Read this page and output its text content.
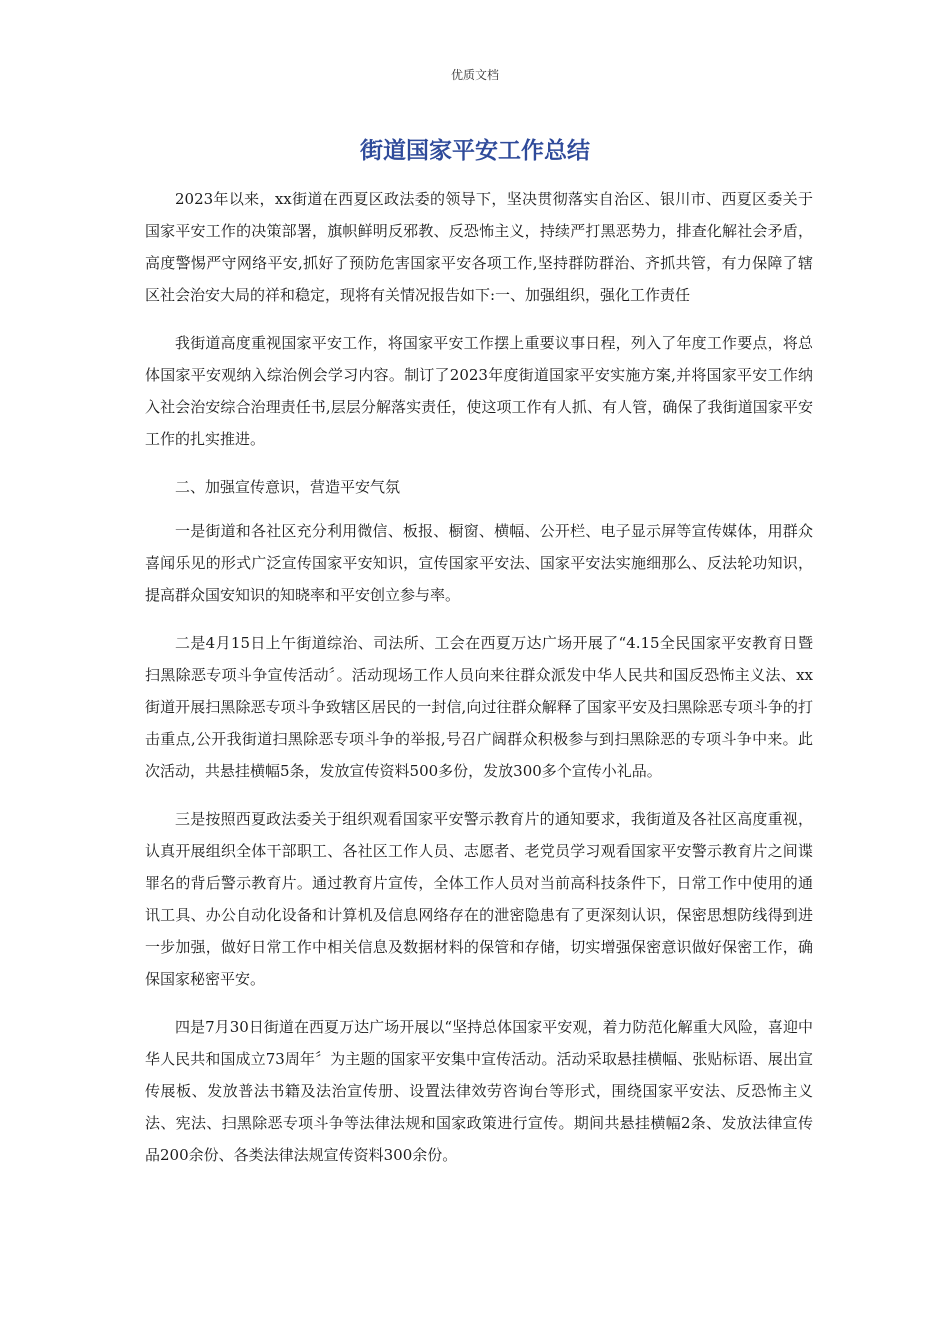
优质文档
街道国家平安工作总结

2023年以来，xx街道在西夏区政法委的领导下，坚决贯彻落实自治区、银川市、西夏区委关于国家平安工作的决策部署，旗帜鲜明反邪教、反恐怖主义，持续严打黑恶势力，排查化解社会矛盾，高度警惕严守网络平安,抓好了预防危害国家平安各项工作,坚持群防群治、齐抓共管，有力保障了辖区社会治安大局的祥和稳定，现将有关情况报告如下:一、加强组织，强化工作责任

我街道高度重视国家平安工作，将国家平安工作摆上重要议事日程，列入了年度工作要点，将总体国家平安观纳入综治例会学习内容。制订了2023年度街道国家平安实施方案,并将国家平安工作纳入社会治安综合治理责任书,层层分解落实责任，使这项工作有人抓、有人管，确保了我街道国家平安工作的扎实推进。

二、加强宣传意识，营造平安气氛

一是街道和各社区充分利用微信、板报、橱窗、横幅、公开栏、电子显示屏等宣传媒体，用群众喜闻乐见的形式广泛宣传国家平安知识，宣传国家平安法、国家平安法实施细那么、反法轮功知识，提高群众国安知识的知晓率和平安创立参与率。

二是4月15日上午街道综治、司法所、工会在西夏万达广场开展了“4.15全民国家平安教育日暨扫黑除恶专项斗争宣传活动〞。活动现场工作人员向来往群众派发中华人民共和国反恐怖主义法、xx街道开展扫黑除恶专项斗争致辖区居民的一封信,向过往群众解释了国家平安及扫黑除恶专项斗争的打击重点,公开我街道扫黑除恶专项斗争的举报,号召广阔群众积极参与到扫黑除恶的专项斗争中来。此次活动，共悬挂横幅5条，发放宣传资料500多份，发放300多个宣传小礼品。

三是按照西夏政法委关于组织观看国家平安警示教育片的通知要求，我街道及各社区高度重视，认真开展组织全体干部职工、各社区工作人员、志愿者、老党员学习观看国家平安警示教育片之间谍罪名的背后警示教育片。通过教育片宣传，全体工作人员对当前高科技条件下，日常工作中使用的通讯工具、办公自动化设备和计算机及信息网络存在的泄密隐患有了更深刻认识，保密思想防线得到进一步加强，做好日常工作中相关信息及数据材料的保管和存储，切实增强保密意识做好保密工作，确保国家秘密平安。

四是7月30日街道在西夏万达广场开展以“坚持总体国家平安观，着力防范化解重大风险，喜迎中华人民共和国成立73周年〞为主题的国家平安集中宣传活动。活动采取悬挂横幅、张贴标语、展出宣传展板、发放普法书籍及法治宣传册、设置法律效劳咨询台等形式，围绕国家平安法、反恐怖主义法、宪法、扫黑除恶专项斗争等法律法规和国家政策进行宣传。期间共悬挂横幅2条、发放法律宣传品200余份、各类法律法规宣传资料300余份。
